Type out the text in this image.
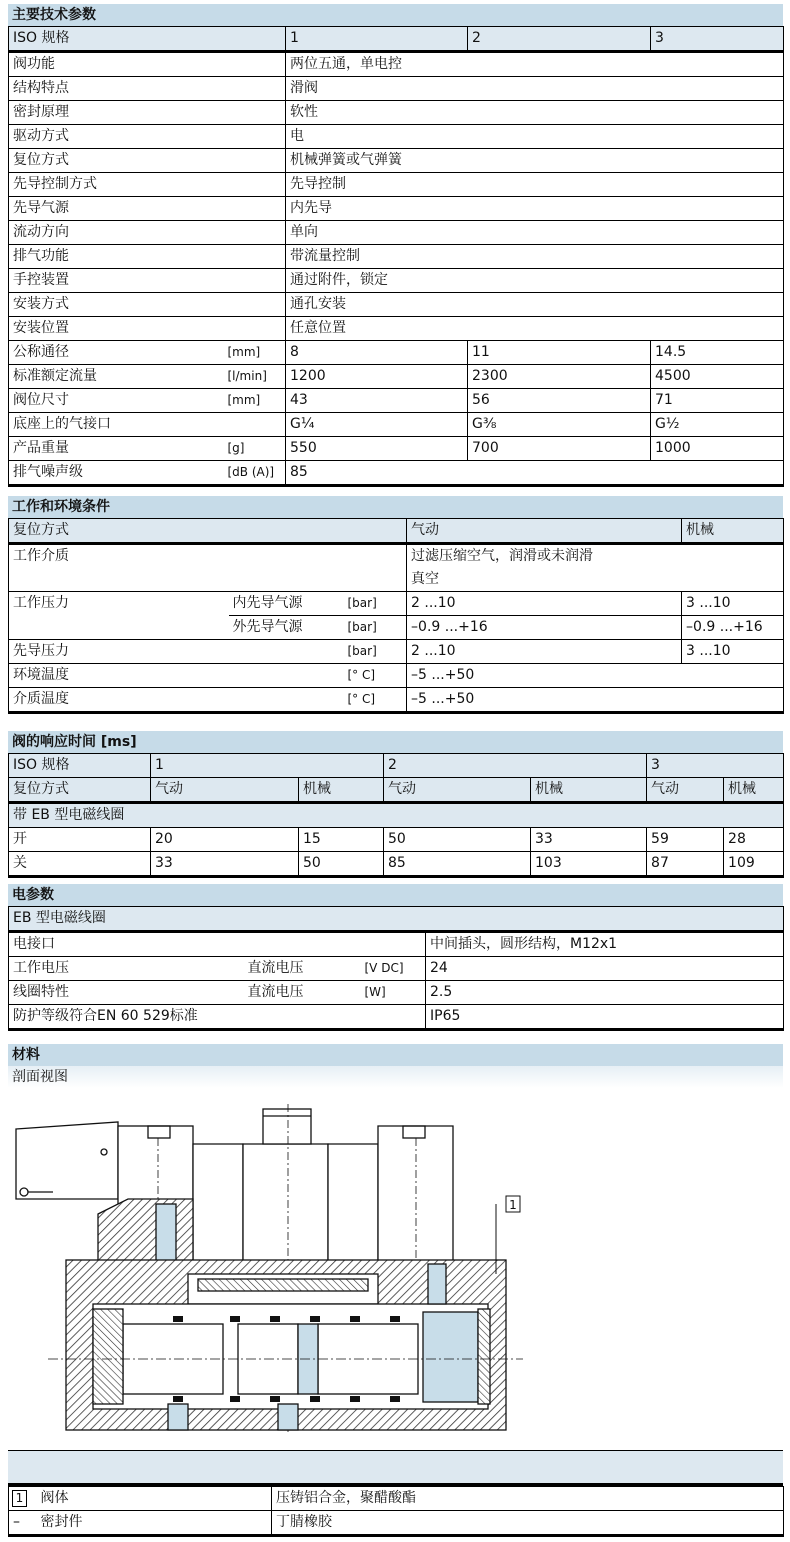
主要技术参数
ISO 规格		1	2	3
阀功能		两位五通，单电控		
结构特点		滑阀		
密封原理		软性		
驱动方式		电		
复位方式		机械弹簧或气弹簧		
先导控制方式		先导控制		
先导气源		内先导		
流动方向		单向		
排气功能		带流量控制		
手控装置		通过附件，锁定		
安装方式		通孔安装		
安装位置		任意位置		
公称通径	[mm]	8	11	14.5
标准额定流量	[l/min]	1200	2300	4500
阀位尺寸	[mm]	43	56	71
底座上的气接口		G¼	G⅜	G½
产品重量	[g]	550	700	1000
排气噪声级	[dB (A)]	85		
工作和环境条件
复位方式			气动	机械
工作介质			过滤压缩空气，润滑或未润滑
真空	

工作压力	内先导气源	[bar]	2 ...10	3 ...10
	外先导气源	[bar]	–0.9 ...+16	–0.9 ...+16
先导压力		[bar]	2 ...10	3 ...10
环境温度		[° C]	–5 ...+50	
介质温度		[° C]	–5 ...+50	
阀的响应时间 [ms]
ISO 规格	1		2		3	
复位方式	气动	机械	气动	机械	气动	机械
带 EB 型电磁线圈						
开	20	15	50	33	59	28
关	33	50	85	103	87	109
电参数
EB 型电磁线圈			
电接口			中间插头，圆形结构，M12x1
工作电压	直流电压	[V DC]	24
线圈特性	直流电压	[W]	2.5
防护等级符合EN 60 529标准			IP65
材料
剖面视图
1
1	阀体	压铸铝合金，聚醋酸酯
–	密封件	丁腈橡胶
